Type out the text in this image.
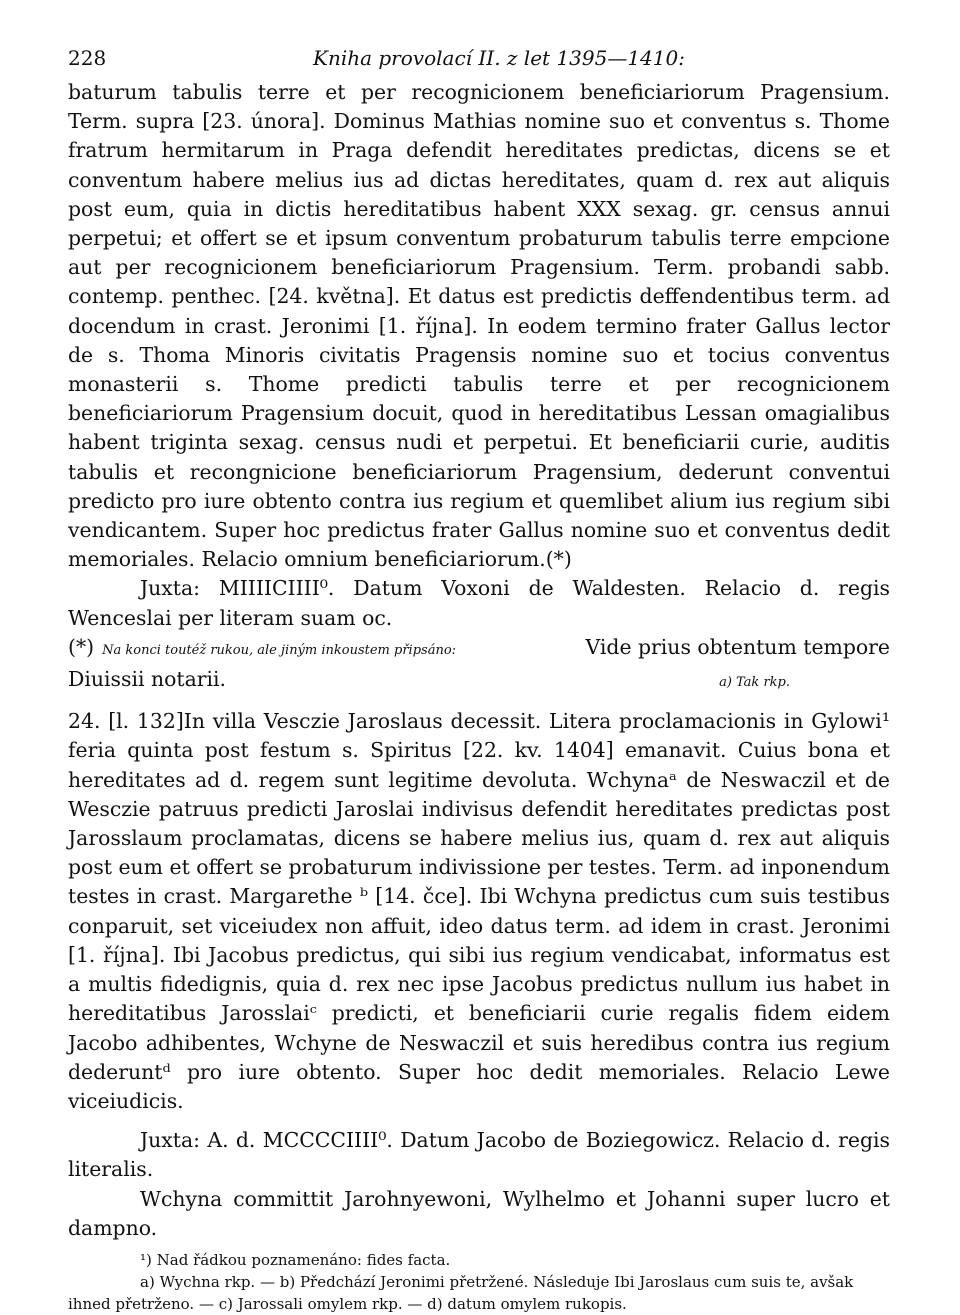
228	Kniha provolací II. z let 1395—1410:

baturum tabulis terre et per recognicionem beneficiariorum Pragensium. Term. supra [23. února]. Dominus Mathias nomine suo et conventus s. Thome fratrum hermitarum in Praga defendit hereditates predictas, dicens se et conventum habere melius ius ad dictas hereditates, quam d. rex aut aliquis post eum, quia in dictis hereditatibus habent XXX sexag. gr. census annui perpetui; et offert se et ipsum conventum probaturum tabulis terre empcione aut per recognicionem beneficiariorum Pragensium. Term. probandi sabb. contemp. penthec. [24. května]. Et datus est predictis deffendentibus term. ad docendum in crast. Jeronimi [1. října]. In eodem termino frater Gallus lector de s. Thoma Minoris civitatis Pragensis nomine suo et tocius conventus monasterii s. Thome predicti tabulis terre et per recognicionem beneficiariorum Pragensium docuit, quod in hereditatibus Lessan omagialibus habent triginta sexag. census nudi et perpetui. Et beneficiarii curie, auditis tabulis et recongnicione beneficiariorum Pragensium, dederunt conventui predicto pro iure obtento contra ius regium et quemlibet alium ius regium sibi vendicantem. Super hoc predictus frater Gallus nomine suo et conventus dedit memoriales. Relacio omnium beneficiariorum.(*)

Juxta: MIIIICIIII⁰. Datum Voxoni de Waldesten. Relacio d. regis Wenceslai per literam suam oc.

(*) Na konci toutéž rukou, ale jiným inkoustem připsáno:	Vide prius obtentum tempore
Diuissii notarii.	a) Tak rkp.

24. [l. 132]In villa Vesczie Jaroslaus decessit. Litera proclamacionis in Gylowi¹ feria quinta post festum s. Spiritus [22. kv. 1404] emanavit. Cuius bona et hereditates ad d. regem sunt legitime devoluta. Wchynaᵃ de Neswaczil et de Wesczie patruus predicti Jaroslai indivisus defendit hereditates predictas post Jarosslaum proclamatas, dicens se habere melius ius, quam d. rex aut aliquis post eum et offert se probaturum indivissione per testes. Term. ad inponendum testes in crast. Margarethe ᵇ [14. čce]. Ibi Wchyna predictus cum suis testibus conparuit, set viceiudex non affuit, ideo datus term. ad idem in crast. Jeronimi [1. října]. Ibi Jacobus predictus, qui sibi ius regium vendicabat, informatus est a multis fidedignis, quia d. rex nec ipse Jacobus predictus nullum ius habet in hereditatibus Jarosslaiᶜ predicti, et beneficiarii curie regalis fidem eidem Jacobo adhibentes, Wchyne de Neswaczil et suis heredibus contra ius regium dederuntᵈ pro iure obtento. Super hoc dedit memoriales. Relacio Lewe viceiudicis.

Juxta: A. d. MCCCCIIII⁰. Datum Jacobo de Boziegowicz. Relacio d. regis literalis.

Wchyna committit Jarohnyewoni, Wylhelmo et Johanni super lucro et dampno.

¹) Nad řádkou poznamenáno: fides facta.

a) Wychna rkp. — b) Předchází Jeronimi přetržené. Následuje Ibi Jaroslaus cum suis te, avšak ihned přetrženo. — c) Jarossali omylem rkp. — d) datum omylem rukopis.
